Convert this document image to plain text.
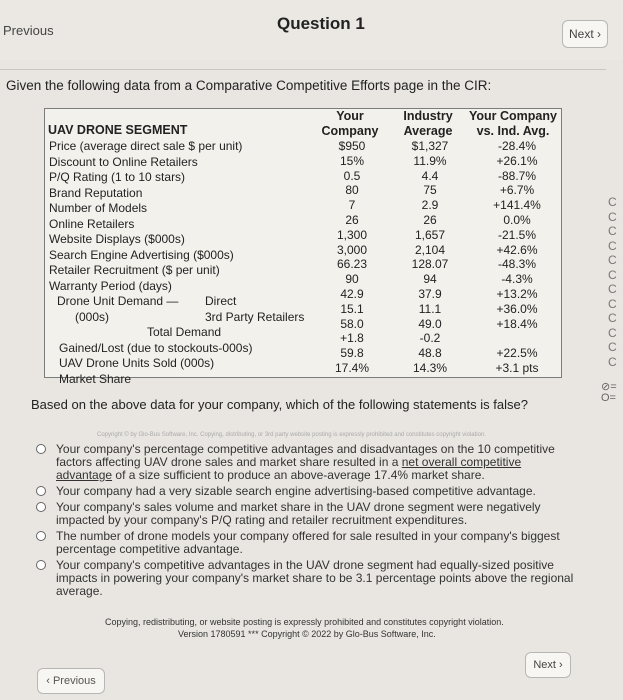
Previous	Question 1
Next ›
Given the following data from a Comparative Competitive Efforts page in the CIR:
Your
Company
Industry
Average
Your Company
vs. Ind. Avg.
UAV DRONE SEGMENT
Price (average direct sale $ per unit)
Discount to Online Retailers
P/Q Rating (1 to 10 stars)
Brand Reputation
Number of Models
Online Retailers
Website Displays ($000s)
Search Engine Advertising ($000s)
Retailer Recruitment ($ per unit)
Warranty Period (days)
Drone Unit Demand — Direct
(000s)	3rd Party Retailers
Total Demand
Gained/Lost (due to stockouts-000s)
UAV Drone Units Sold (000s)
Market Share
$950
15%
0.5
80
7
26
1,300
3,000
66.23
90
42.9
15.1
58.0
+1.8
59.8
17.4%
$1,327
11.9%
4.4
75
2.9
26
1,657
2,104
128.07
94
37.9
11.1
49.0
-0.2
48.8
14.3%
-28.4%
+26.1%
-88.7%
+6.7%
+141.4%
0.0%
-21.5%
+42.6%
-48.3%
-4.3%
+13.2%
+36.0%
+18.4%
+22.5%
+3.1 pts
Based on the above data for your company, which of the following statements is false?
Copyright © by Glo-Bus Software, Inc. Copying, distributing, or 3rd party website posting is expressly prohibited and constitutes copyright violation.
Your company's percentage competitive advantages and disadvantages on the 10 competitive factors affecting UAV drone sales and market share resulted in a net overall competitive advantage of a size sufficient to produce an above-average 17.4% market share.
Your company had a very sizable search engine advertising-based competitive advantage.
Your company's sales volume and market share in the UAV drone segment were negatively impacted by your company's P/Q rating and retailer recruitment expenditures.
The number of drone models your company offered for sale resulted in your company's biggest percentage competitive advantage.
Your company's competitive advantages in the UAV drone segment had equally-sized positive impacts in powering your company's market share to be 3.1 percentage points above the regional average.
Copying, redistributing, or website posting is expressly prohibited and constitutes copyright violation.
Version 1780591 *** Copyright © 2022 by Glo-Bus Software, Inc.
Next ›
‹ Previous
C
C
C
C
C
C
C
C
C
C
C
C
⊘=
O=
